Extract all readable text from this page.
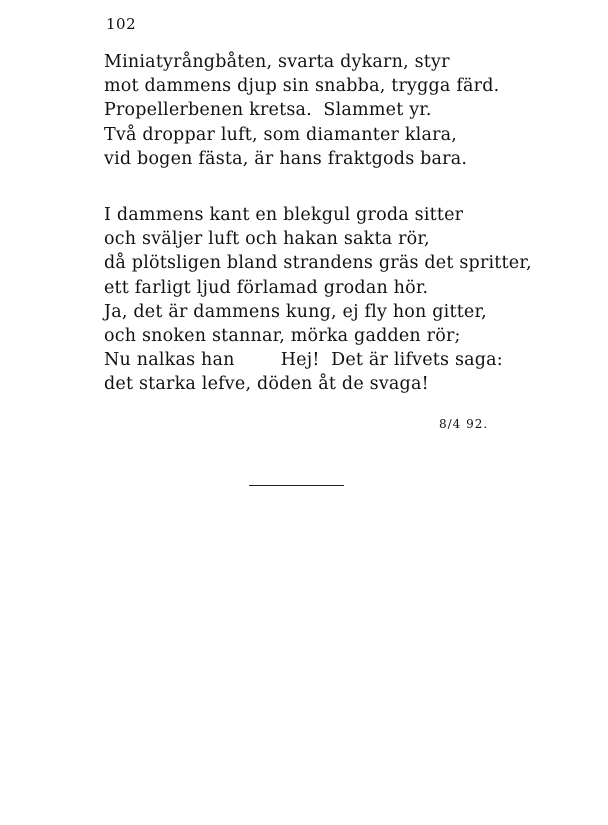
102
Miniatyrångbåten, svarta dykarn, styr
mot dammens djup sin snabba, trygga färd.
Propellerbenen kretsa.  Slammet yr.
Två droppar luft, som diamanter klara,
vid bogen fästa, är hans fraktgods bara.
I dammens kant en blekgul groda sitter
och sväljer luft och hakan sakta rör,
då plötsligen bland strandens gräs det spritter,
ett farligt ljud förlamad grodan hör.
Ja, det är dammens kung, ej fly hon gitter,
och snoken stannar, mörka gadden rör;
Nu nalkas han        Hej!  Det är lifvets saga:
det starka lefve, döden åt de svaga!
8/4 92.
